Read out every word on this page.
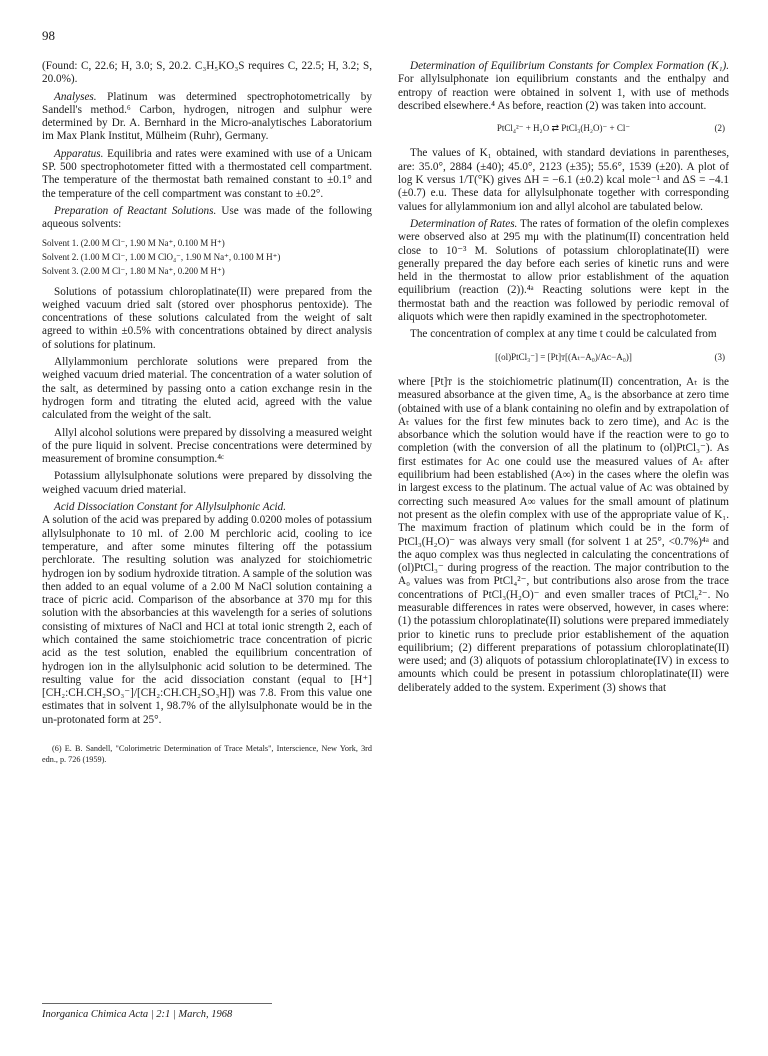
98

(Found: C, 22.6; H, 3.0; S, 20.2. C₃H₅KO₃S requires C, 22.5; H, 3.2; S, 20.0%).

Analyses. Platinum was determined spectrophotometrically by Sandell's method.⁶ Carbon, hydrogen, nitrogen and sulphur were determined by Dr. A. Bernhard in the Micro-analytisches Laboratorium im Max Plank Institut, Mülheim (Ruhr), Germany.

Apparatus. Equilibria and rates were examined with use of a Unicam SP. 500 spectrophotometer fitted with a thermostated cell compartment. The temperature of the thermostat bath remained constant to ±0.1° and the temperature of the cell compartment was constant to ±0.2°.

Preparation of Reactant Solutions. Use was made of the following aqueous solvents:

Solvent 1. (2.00 M Cl⁻, 1.90 M Na⁺, 0.100 M H⁺)
Solvent 2. (1.00 M Cl⁻, 1.00 M ClO₄⁻, 1.90 M Na⁺, 0.100 M H⁺)
Solvent 3. (2.00 M Cl⁻, 1.80 M Na⁺, 0.200 M H⁺)

Solutions of potassium chloroplatinate(II) were prepared from the weighed vacuum dried salt (stored over phosphorus pentoxide). The concentrations of these solutions calculated from the weight of salt agreed to within ±0.5% with concentrations obtained by direct analysis of solutions for platinum.

Allylammonium perchlorate solutions were prepared from the weighed vacuum dried material. The concentration of a water solution of the salt, as determined by passing onto a cation exchange resin in the hydrogen form and titrating the eluted acid, agreed with the value calculated from the weight of the salt.

Allyl alcohol solutions were prepared by dissolving a measured weight of the pure liquid in solvent. Precise concentrations were determined by measurement of bromine consumption.⁴ᶜ

Potassium allylsulphonate solutions were prepared by dissolving the weighed vacuum dried material.

Acid Dissociation Constant for Allylsulphonic Acid.
A solution of the acid was prepared by adding 0.0200 moles of potassium allylsulphonate to 10 ml. of 2.00 M perchloric acid, cooling to ice temperature, and after some minutes filtering off the potassium perchlorate. The resulting solution was analyzed for stoichiometric hydrogen ion by sodium hydroxide titration. A sample of the solution was then added to an equal volume of a 2.00 M NaCl solution containing a trace of picric acid. Comparison of the absorbance at 370 mμ for this solution with the absorbancies at this wavelength for a series of solutions consisting of mixtures of NaCl and HCl at total ionic strength 2, each of which contained the same stoichiometric trace concentration of picric acid as the test solution, enabled the equilibrium concentration of hydrogen ion in the allylsulphonic acid solution to be determined. The resulting value for the acid dissociation constant (equal to [H⁺][CH₂:CH.CH₂SO₃⁻]/[CH₂:CH.CH₂SO₃H]) was 7.8. From this value one estimates that in solvent 1, 98.7% of the allylsulphonate would be in the un-protonated form at 25°.

(6) E. B. Sandell, "Colorimetric Determination of Trace Metals", Interscience, New York, 3rd edn., p. 726 (1959).

Determination of Equilibrium Constants for Complex Formation (K₁). For allylsulphonate ion equilibrium constants and the enthalpy and entropy of reaction were obtained in solvent 1, with use of methods described elsewhere.⁴ As before, reaction (2) was taken into account.

PtCl₄²⁻ + H₂O ⇄ PtCl₃(H₂O)⁻ + Cl⁻	(2)

The values of K₁ obtained, with standard deviations in parentheses, are: 35.0°, 2884 (±40); 45.0°, 2123 (±35); 55.6°, 1539 (±20). A plot of log K versus 1/T(°K) gives ΔH = −6.1 (±0.2) kcal mole⁻¹ and ΔS = −4.1 (±0.7) e.u. These data for allylsulphonate together with corresponding values for allylammonium ion and allyl alcohol are tabulated below.

Determination of Rates. The rates of formation of the olefin complexes were observed also at 295 mμ with the platinum(II) concentration held close to 10⁻³ M. Solutions of potassium chloroplatinate(II) were generally prepared the day before each series of kinetic runs and were held in the thermostat to allow prior establishment of the aquation equilibrium (reaction (2)).⁴ᵃ Reacting solutions were kept in the thermostat bath and the reaction was followed by periodic removal of aliquots which were then rapidly examined in the spectrophotometer.

The concentration of complex at any time t could be calculated from

[(ol)PtCl₃⁻] = [Pt]ᴛ[(Aₜ−A₀)/Aᴄ−A₀)]	(3)

where [Pt]ᴛ is the stoichiometric platinum(II) concentration, Aₜ is the measured absorbance at the given time, A₀ is the absorbance at zero time (obtained with use of a blank containing no olefin and by extrapolation of Aₜ values for the first few minutes back to zero time), and Aᴄ is the absorbance which the solution would have if the reaction were to go to completion (with the conversion of all the platinum to (ol)PtCl₃⁻). As first estimates for Aᴄ one could use the measured values of Aₜ after equilibrium had been established (A∞) in the cases where the olefin was in largest excess to the platinum. The actual value of Aᴄ was obtained by correcting such measured A∞ values for the small amount of platinum not present as the olefin complex with use of the appropriate value of K₁. The maximum fraction of platinum which could be in the form of PtCl₃(H₂O)⁻ was always very small (for solvent 1 at 25°, <0.7%)⁴ᵃ and the aquo complex was thus neglected in calculating the concentrations of (ol)PtCl₃⁻ during progress of the reaction. The major contribution to the A₀ values was from PtCl₄²⁻, but contributions also arose from the trace concentrations of PtCl₃(H₂O)⁻ and even smaller traces of PtCl₆²⁻. No measurable differences in rates were observed, however, in cases where: (1) the potassium chloroplatinate(II) solutions were prepared immediately prior to kinetic runs to preclude prior establishement of the aquation equilibrium; (2) different preparations of potassium chloroplatinate(II) were used; and (3) aliquots of potassium chloroplatinate(IV) in excess to amounts which could be present in potassium chloroplatinate(II) were deliberately added to the system. Experiment (3) shows that

Inorganica Chimica Acta | 2:1 | March, 1968
